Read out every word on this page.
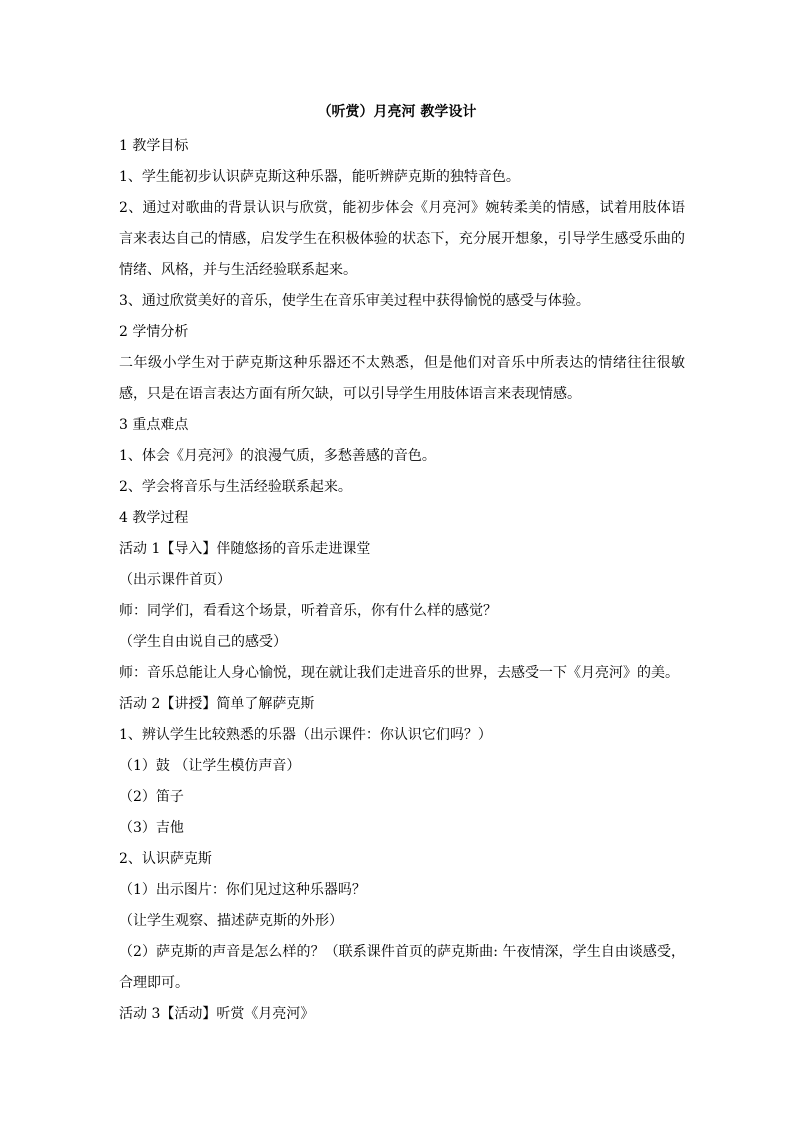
（听赏）月亮河 教学设计
1 教学目标
1、学生能初步认识萨克斯这种乐器，能听辨萨克斯的独特音色。
2、通过对歌曲的背景认识与欣赏，能初步体会《月亮河》婉转柔美的情感，试着用肢体语言来表达自己的情感，启发学生在积极体验的状态下，充分展开想象，引导学生感受乐曲的情绪、风格，并与生活经验联系起来。
3、通过欣赏美好的音乐，使学生在音乐审美过程中获得愉悦的感受与体验。
2 学情分析
二年级小学生对于萨克斯这种乐器还不太熟悉，但是他们对音乐中所表达的情绪往往很敏感，只是在语言表达方面有所欠缺，可以引导学生用肢体语言来表现情感。
3 重点难点
1、体会《月亮河》的浪漫气质，多愁善感的音色。
2、学会将音乐与生活经验联系起来。
4 教学过程
活动 1【导入】伴随悠扬的音乐走进课堂
（出示课件首页）
师：同学们，看看这个场景，听着音乐，你有什么样的感觉？
（学生自由说自己的感受）
师：音乐总能让人身心愉悦，现在就让我们走进音乐的世界，去感受一下《月亮河》的美。
活动 2【讲授】简单了解萨克斯
1、辨认学生比较熟悉的乐器（出示课件：你认识它们吗？）
（1）鼓 （让学生模仿声音）
（2）笛子
（3）吉他
2、认识萨克斯
（1）出示图片：你们见过这种乐器吗？
（让学生观察、描述萨克斯的外形）
（2）萨克斯的声音是怎么样的？（联系课件首页的萨克斯曲: 午夜情深，学生自由谈感受，合理即可。
活动 3【活动】听赏《月亮河》
